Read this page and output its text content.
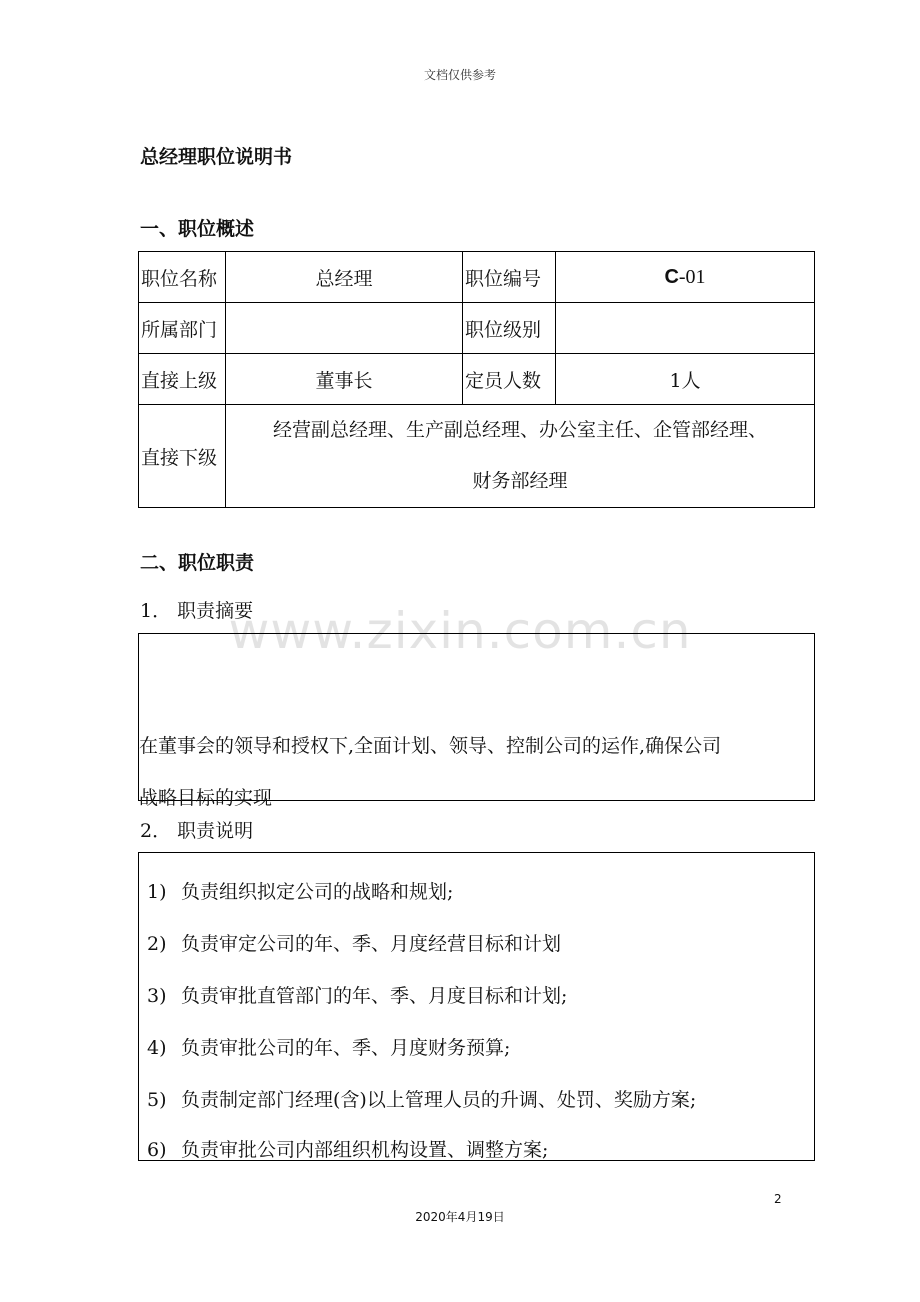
文档仅供参考
总经理职位说明书
一、职位概述
职位名称	总经理	职位编号	C-01
所属部门		职位级别	
直接上级	董事长	定员人数	1人
直接下级	经营副总经理、生产副总经理、办公室主任、企管部经理、
财务部经理		
二、职位职责
1． 职责摘要
在董事会的领导和授权下,全面计划、领导、控制公司的运作,确保公司
战略目标的实现
2． 职责说明
1) 负责组织拟定公司的战略和规划;
2) 负责审定公司的年、季、月度经营目标和计划
3) 负责审批直管部门的年、季、月度目标和计划;
4) 负责审批公司的年、季、月度财务预算;
5) 负责制定部门经理(含)以上管理人员的升调、处罚、奖励方案;
6) 负责审批公司内部组织机构设置、调整方案;
www.zixin.com.cn
2
2020年4月19日
